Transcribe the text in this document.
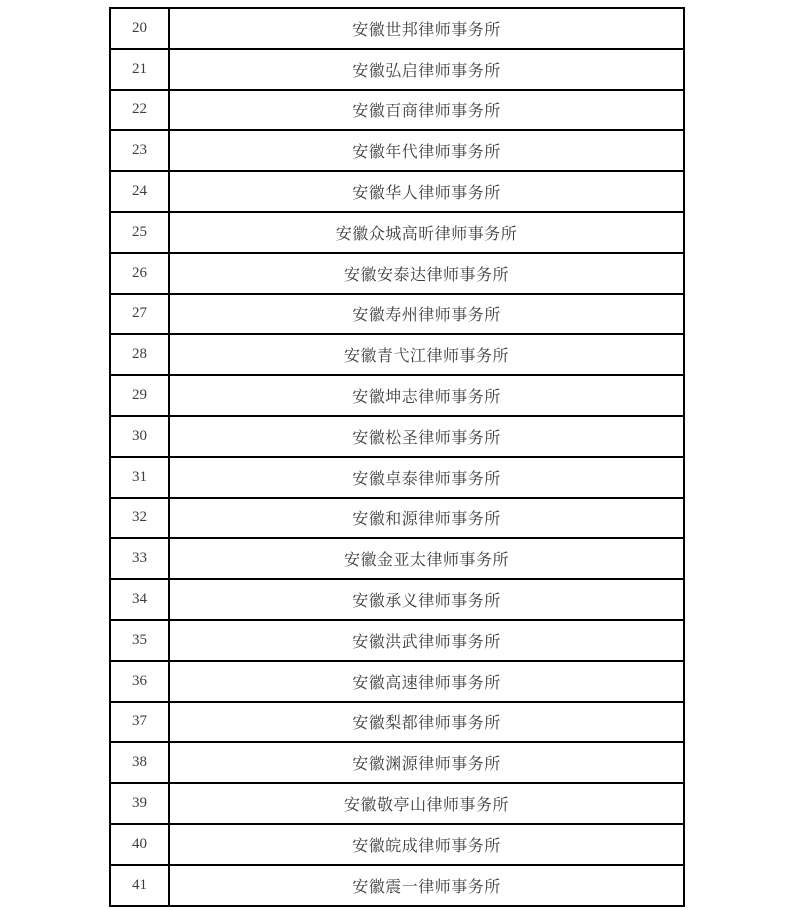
20	安徽世邦律师事务所
21	安徽弘启律师事务所
22	安徽百商律师事务所
23	安徽年代律师事务所
24	安徽华人律师事务所
25	安徽众城高昕律师事务所
26	安徽安泰达律师事务所
27	安徽寿州律师事务所
28	安徽青弋江律师事务所
29	安徽坤志律师事务所
30	安徽松圣律师事务所
31	安徽卓泰律师事务所
32	安徽和源律师事务所
33	安徽金亚太律师事务所
34	安徽承义律师事务所
35	安徽洪武律师事务所
36	安徽高速律师事务所
37	安徽梨都律师事务所
38	安徽渊源律师事务所
39	安徽敬亭山律师事务所
40	安徽皖成律师事务所
41	安徽震一律师事务所
